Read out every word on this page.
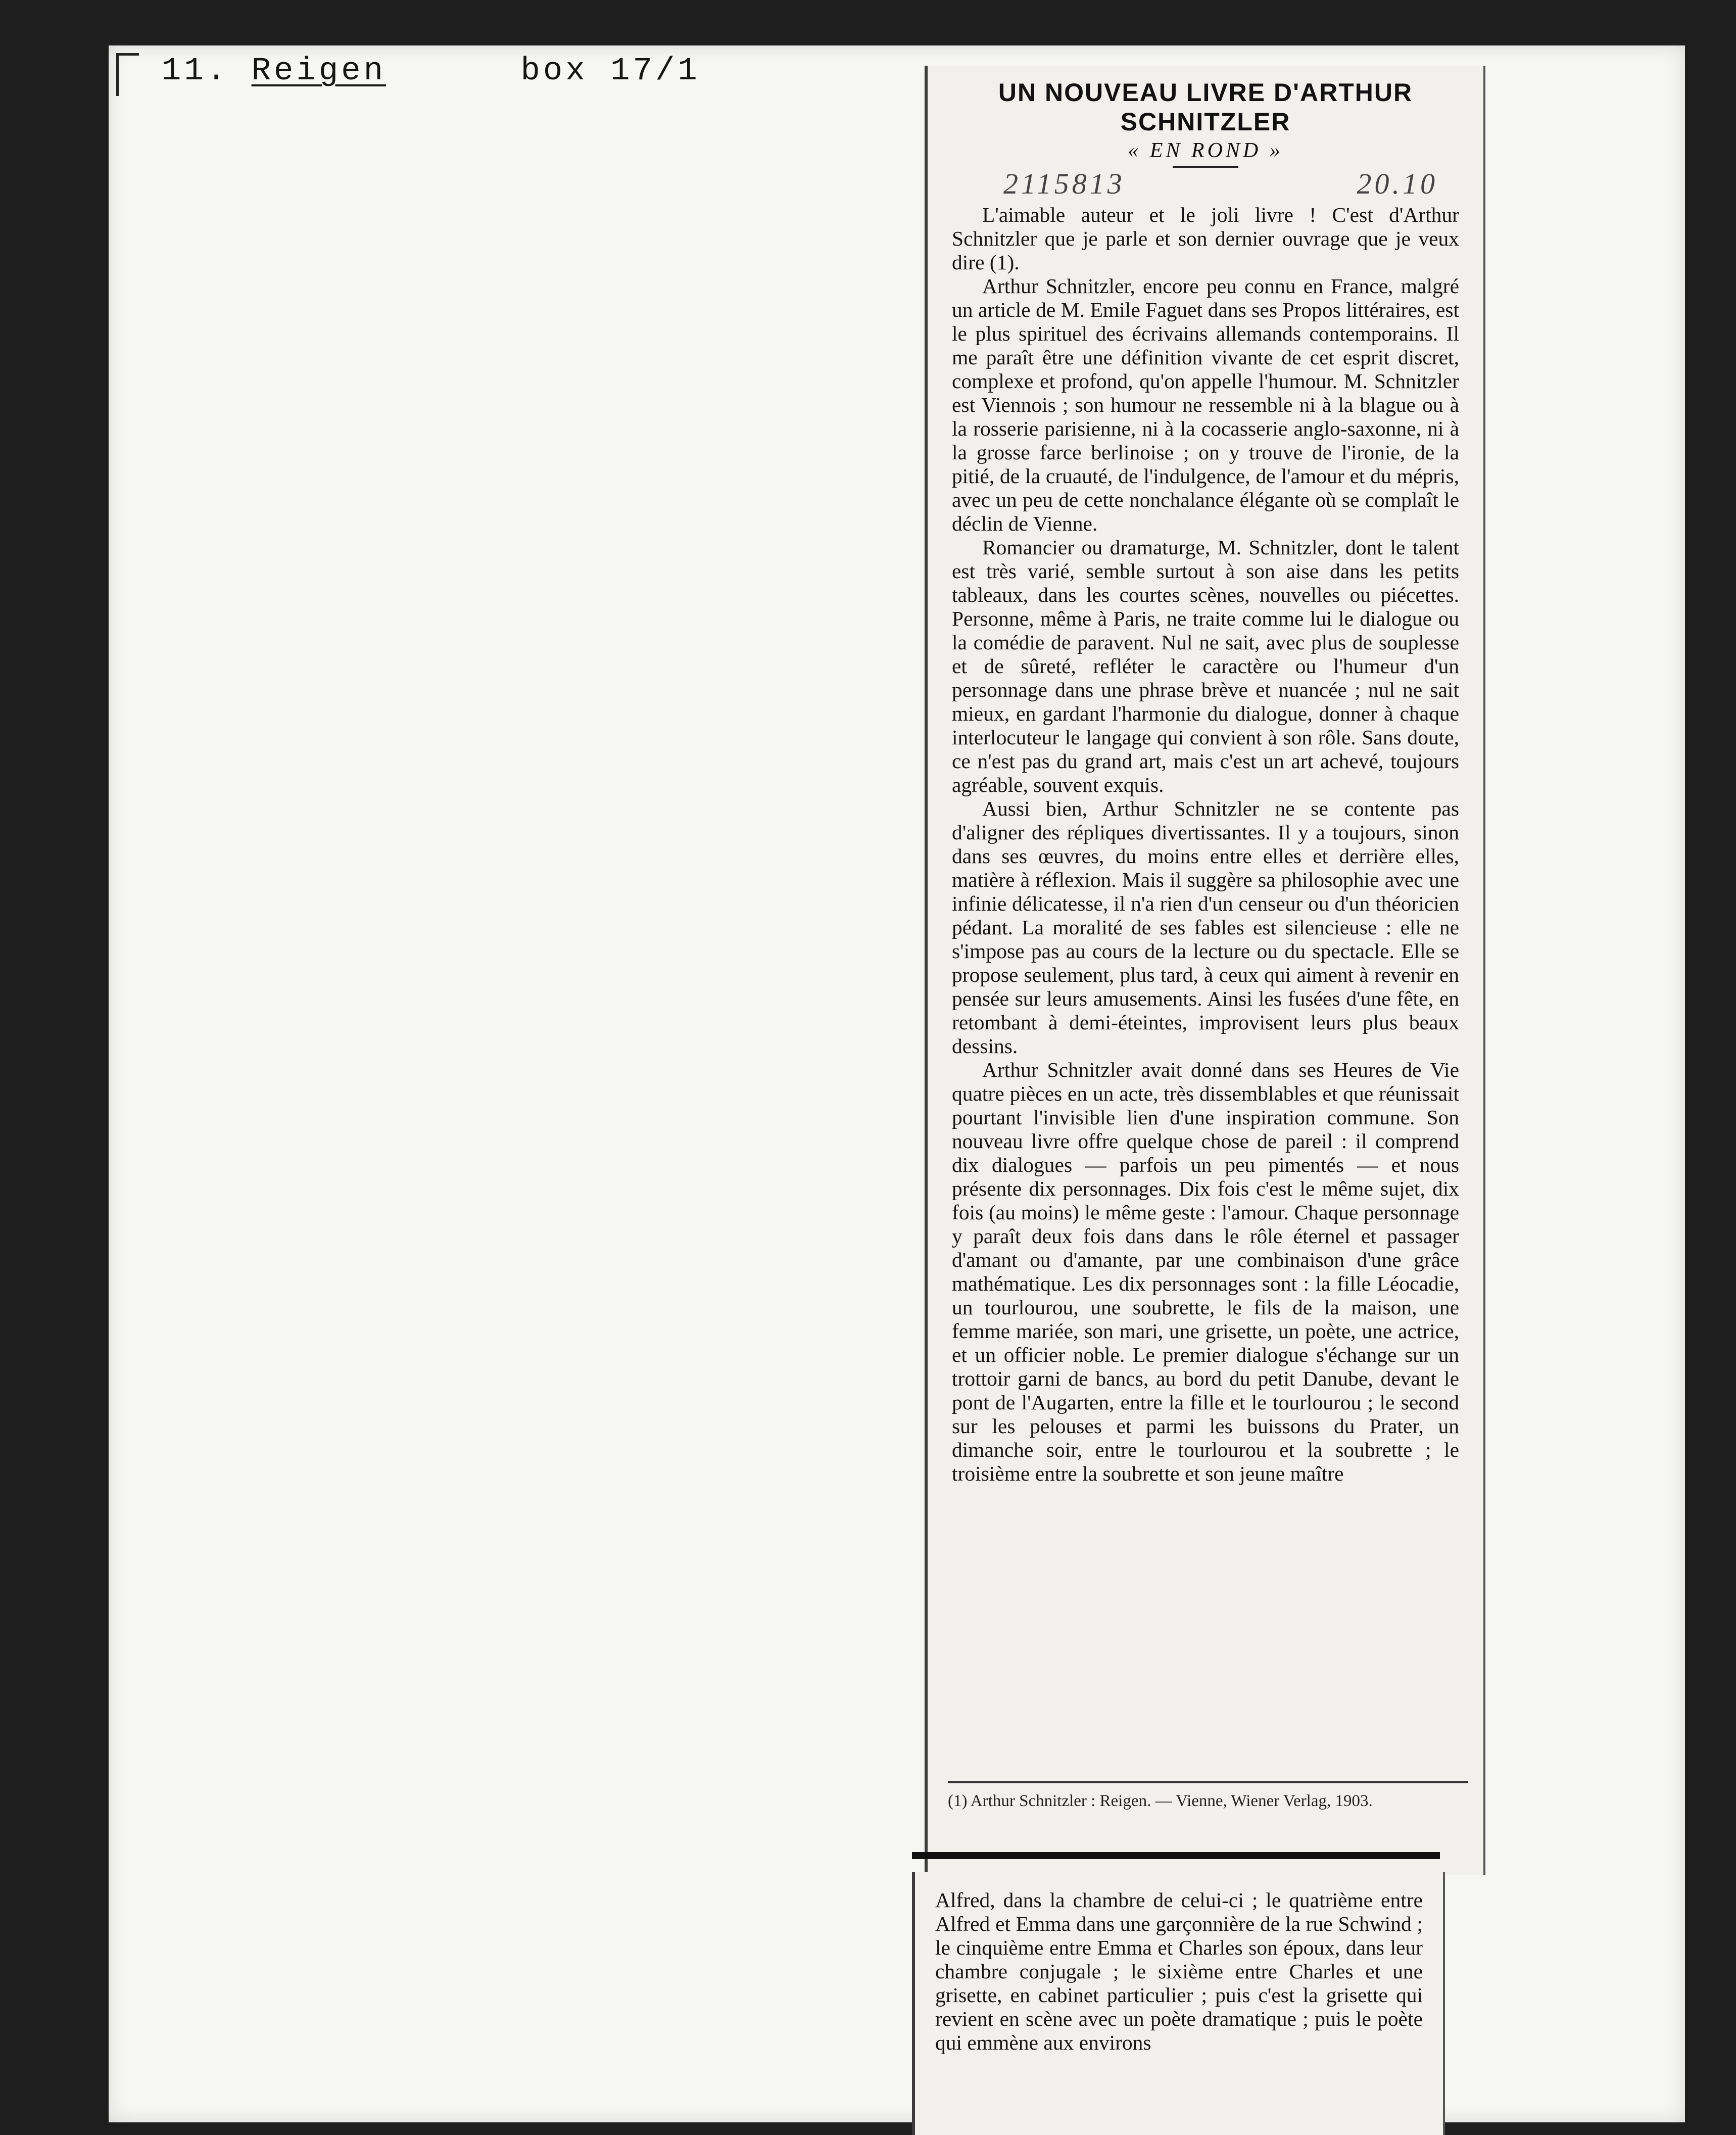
11. Reigen	box 17/1
UN NOUVEAU LIVRE D'ARTHUR SCHNITZLER
« EN ROND »
2115813	20.10

L'aimable auteur et le joli livre ! C'est d'Arthur Schnitzler que je parle et son dernier ouvrage que je veux dire (1).

Arthur Schnitzler, encore peu connu en France, malgré un article de M. Emile Faguet dans ses Propos littéraires, est le plus spirituel des écrivains allemands contemporains. Il me paraît être une définition vivante de cet esprit discret, complexe et profond, qu'on appelle l'humour. M. Schnitzler est Viennois ; son humour ne ressemble ni à la blague ou à la rosserie parisienne, ni à la cocasserie anglo-saxonne, ni à la grosse farce berlinoise ; on y trouve de l'ironie, de la pitié, de la cruauté, de l'indulgence, de l'amour et du mépris, avec un peu de cette nonchalance élégante où se complaît le déclin de Vienne.

Romancier ou dramaturge, M. Schnitzler, dont le talent est très varié, semble surtout à son aise dans les petits tableaux, dans les courtes scènes, nouvelles ou piécettes. Personne, même à Paris, ne traite comme lui le dialogue ou la comédie de paravent. Nul ne sait, avec plus de souplesse et de sûreté, refléter le caractère ou l'humeur d'un personnage dans une phrase brève et nuancée ; nul ne sait mieux, en gardant l'harmonie du dialogue, donner à chaque interlocuteur le langage qui convient à son rôle. Sans doute, ce n'est pas du grand art, mais c'est un art achevé, toujours agréable, souvent exquis.

Aussi bien, Arthur Schnitzler ne se contente pas d'aligner des répliques divertissantes. Il y a toujours, sinon dans ses œuvres, du moins entre elles et derrière elles, matière à réflexion. Mais il suggère sa philosophie avec une infinie délicatesse, il n'a rien d'un censeur ou d'un théoricien pédant. La moralité de ses fables est silencieuse : elle ne s'impose pas au cours de la lecture ou du spectacle. Elle se propose seulement, plus tard, à ceux qui aiment à revenir en pensée sur leurs amusements. Ainsi les fusées d'une fête, en retombant à demi-éteintes, improvisent leurs plus beaux dessins.

Arthur Schnitzler avait donné dans ses Heures de Vie quatre pièces en un acte, très dissemblables et que réunissait pourtant l'invisible lien d'une inspiration commune. Son nouveau livre offre quelque chose de pareil : il comprend dix dialogues — parfois un peu pimentés — et nous présente dix personnages. Dix fois c'est le même sujet, dix fois (au moins) le même geste : l'amour. Chaque personnage y paraît deux fois dans dans le rôle éternel et passager d'amant ou d'amante, par une combinaison d'une grâce mathématique. Les dix personnages sont : la fille Léocadie, un tourlourou, une soubrette, le fils de la maison, une femme mariée, son mari, une grisette, un poète, une actrice, et un officier noble. Le premier dialogue s'échange sur un trottoir garni de bancs, au bord du petit Danube, devant le pont de l'Augarten, entre la fille et le tourlourou ; le second sur les pelouses et parmi les buissons du Prater, un dimanche soir, entre le tourlourou et la soubrette ; le troisième entre la soubrette et son jeune maître

(1) Arthur Schnitzler : Reigen. — Vienne, Wiener Verlag, 1903.

Alfred, dans la chambre de celui-ci ; le quatrième entre Alfred et Emma dans une garçonnière de la rue Schwind ; le cinquième entre Emma et Charles son époux, dans leur chambre conjugale ; le sixième entre Charles et une grisette, en cabinet particulier ; puis c'est la grisette qui revient en scène avec un poète dramatique ; puis le poète qui emmène aux environs
